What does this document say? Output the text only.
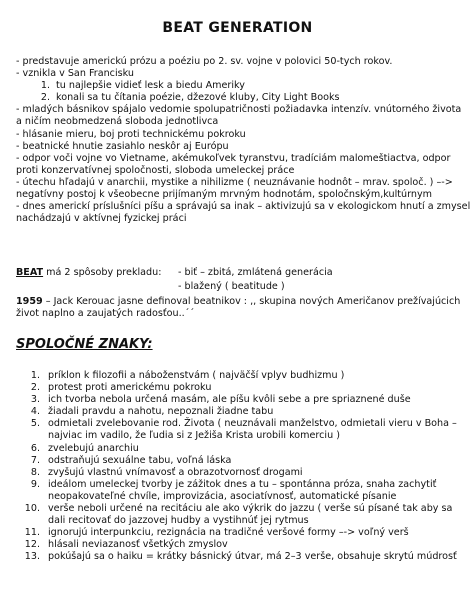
BEAT GENERATION
- predstavuje americkú prózu a poéziu po 2. sv. vojne v polovici 50-tych rokov.
- vznikla v San Francisku
1. tu najlepšie vidieť lesk a biedu Ameriky
2. konali sa tu čítania poézie, džezové kluby, City Light Books
- mladých básnikov spájalo vedomie spolupatričnosti požiadavka intenzív. vnútorného života
a ničím neobmedzená sloboda jednotlivca
- hlásanie mieru, boj proti technickému pokroku
- beatnické hnutie zasiahlo neskôr aj Európu
- odpor voči vojne vo Vietname, akémukoľvek tyranstvu, tradíciám malomeštiactva, odpor
proti konzervatívnej spoločnosti, sloboda umeleckej práce
- útechu hľadajú v anarchii, mystike a nihilizme ( neuznávanie hodnôt – mrav. spoloč. ) –->
negatívny postoj k všeobecne prijímaným mrvným hodnotám, spoločnským,kultúrnym
- dnes americkí príslušníci píšu a správajú sa inak – aktivizujú sa v ekologickom hnutí a zmysel
nachádzajú v aktívnej fyzickej práci
BEAT má 2 spôsoby prekladu: - biť – zbitá, zmlátená generácia
- blažený ( beatitude )
1959 – Jack Kerouac jasne definoval beatnikov : ,, skupina nových Američanov prežívajúcich
život naplno a zaujatých radosťou..´´
SPOLOČNÉ ZNAKY:
1. príklon k filozofii a náboženstvám ( najväčší vplyv budhizmu )
2. protest proti americkému pokroku
3. ich tvorba nebola určená masám, ale píšu kvôli sebe a pre spriaznené duše
4. žiadali pravdu a nahotu, nepoznali žiadne tabu
5. odmietali zvelebovanie rod. Života ( neuznávali manželstvo, odmietali vieru v Boha –
najviac im vadilo, že ľudia si z Ježiša Krista urobili komerciu )
6. zvelebujú anarchiu
7. odstraňujú sexuálne tabu, voľná láska
8. zvyšujú vlastnú vnímavosť a obrazotvornosť drogami
9. ideálom umeleckej tvorby je zážitok dnes a tu – spontánna próza, snaha zachytiť
neopakovateľné chvíle, improvizácia, asociatívnosť, automatické písanie
10. verše neboli určené na recitáciu ale ako výkrik do jazzu ( verše sú písané tak aby sa
dali recitovať do jazzovej hudby a vystihnúť jej rytmus
11. ignorujú interpunkciu, rezignácia na tradičné veršové formy –-> voľný verš
12. hlásali neviazanosť všetkých zmyslov
13. pokúšajú sa o haiku = krátky básnický útvar, má 2–3 verše, obsahuje skrytú múdrosť
